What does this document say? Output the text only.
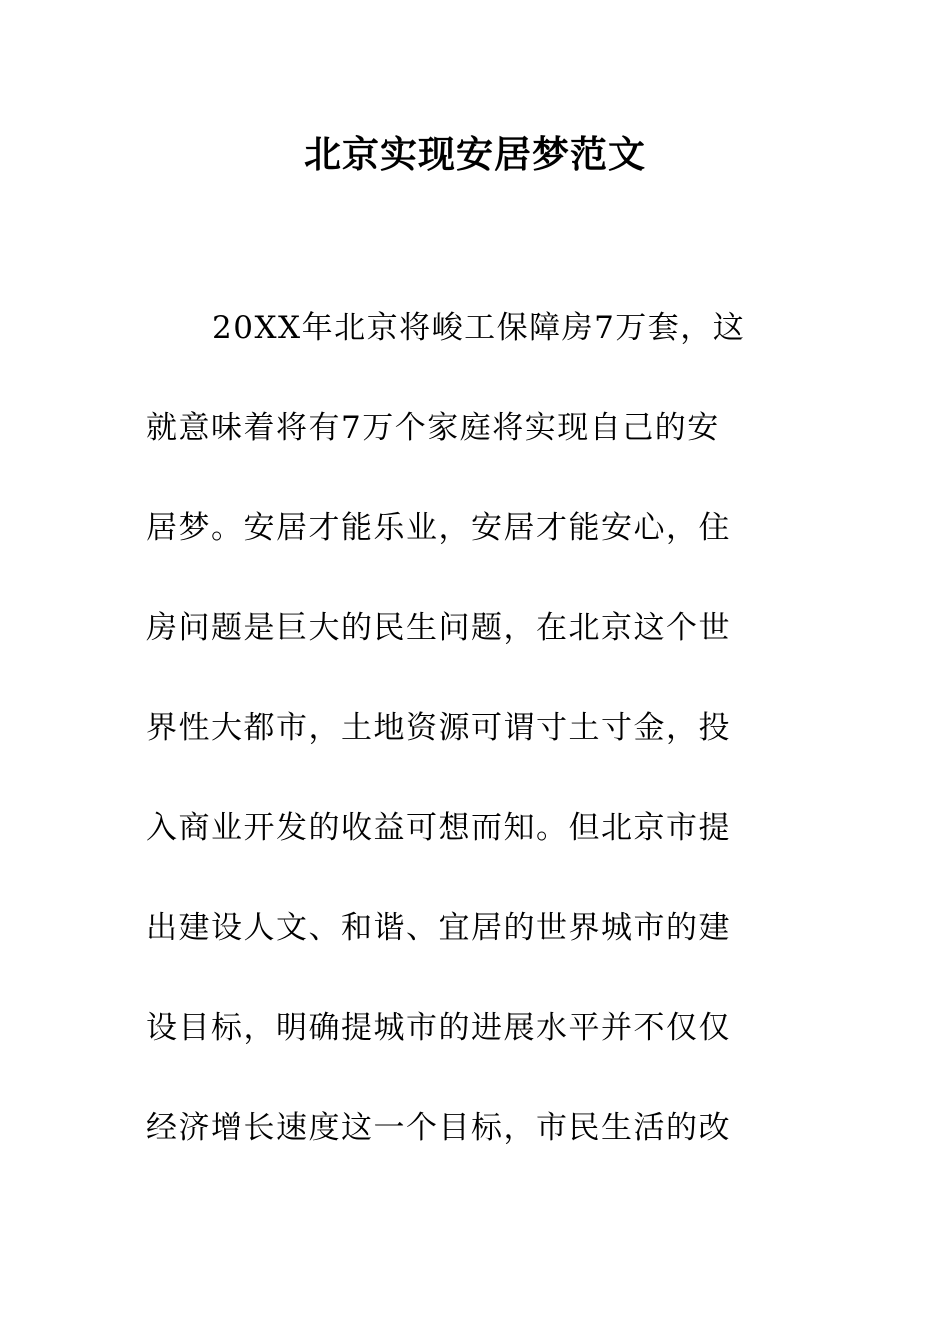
北京实现安居梦范文
20XX年北京将峻工保障房7万套，这
就意味着将有7万个家庭将实现自己的安
居梦。安居才能乐业，安居才能安心，住
房问题是巨大的民生问题，在北京这个世
界性大都市，土地资源可谓寸土寸金，投
入商业开发的收益可想而知。但北京市提
出建设人文、和谐、宜居的世界城市的建
设目标，明确提城市的进展水平并不仅仅
经济增长速度这一个目标，市民生活的改
